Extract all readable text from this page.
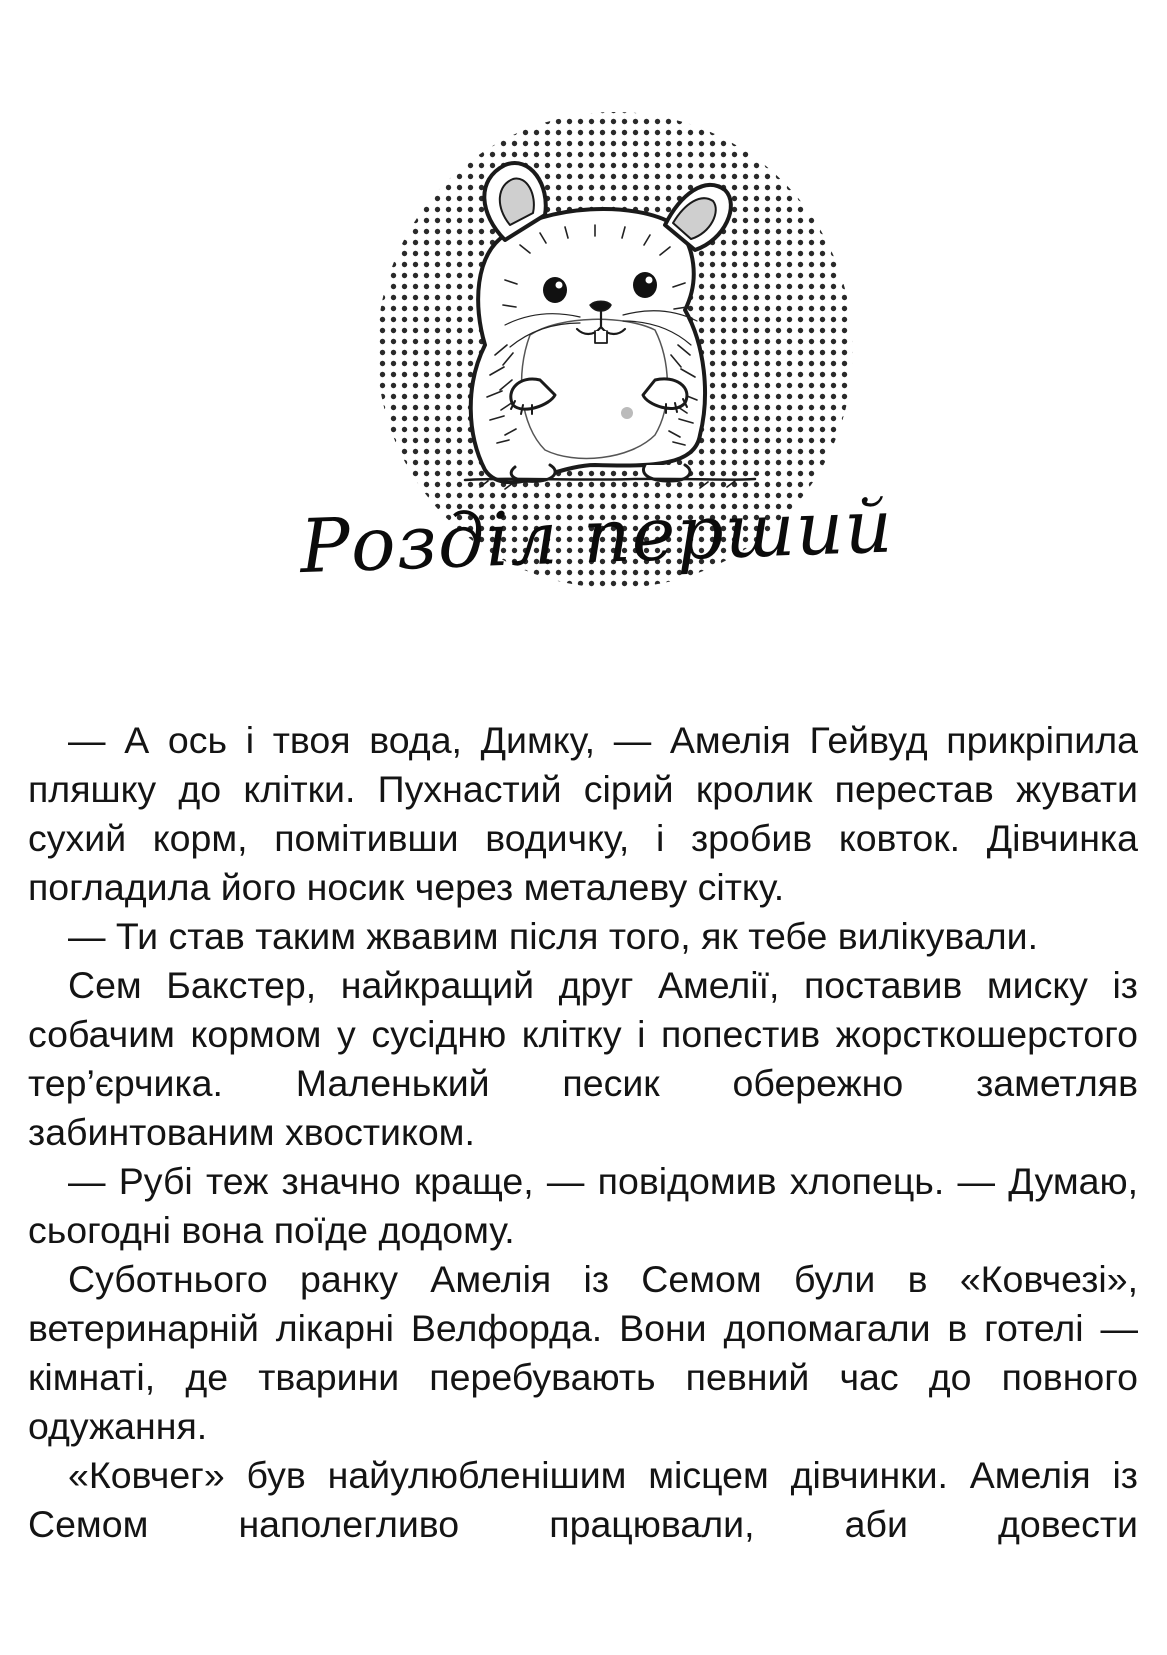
Розділ перший

— А ось і твоя вода, Димку, — Амелія Гейвуд прикріпила пляшку до клітки. Пухнастий сірий кролик перестав жувати сухий корм, помітивши водичку, і зробив ковток. Дівчинка погладила його носик через металеву сітку.

— Ти став таким жвавим після того, як тебе вилікували.

Сем Бакстер, найкращий друг Амелії, поставив миску із собачим кормом у сусідню клітку і попестив жорсткошерстого тер’єрчика. Маленький песик обережно заметляв забинтованим хвостиком.

— Рубі теж значно краще, — повідомив хлопець. — Думаю, сьогодні вона поїде додому.

Суботнього ранку Амелія із Семом були в «Ковчезі», ветеринарній лікарні Велфорда. Вони допомагали в готелі — кімнаті, де тварини перебувають певний час до повного одужання.

«Ковчег» був найулюбленішим місцем дівчинки. Амелія із Семом наполегливо працювали, аби довести
